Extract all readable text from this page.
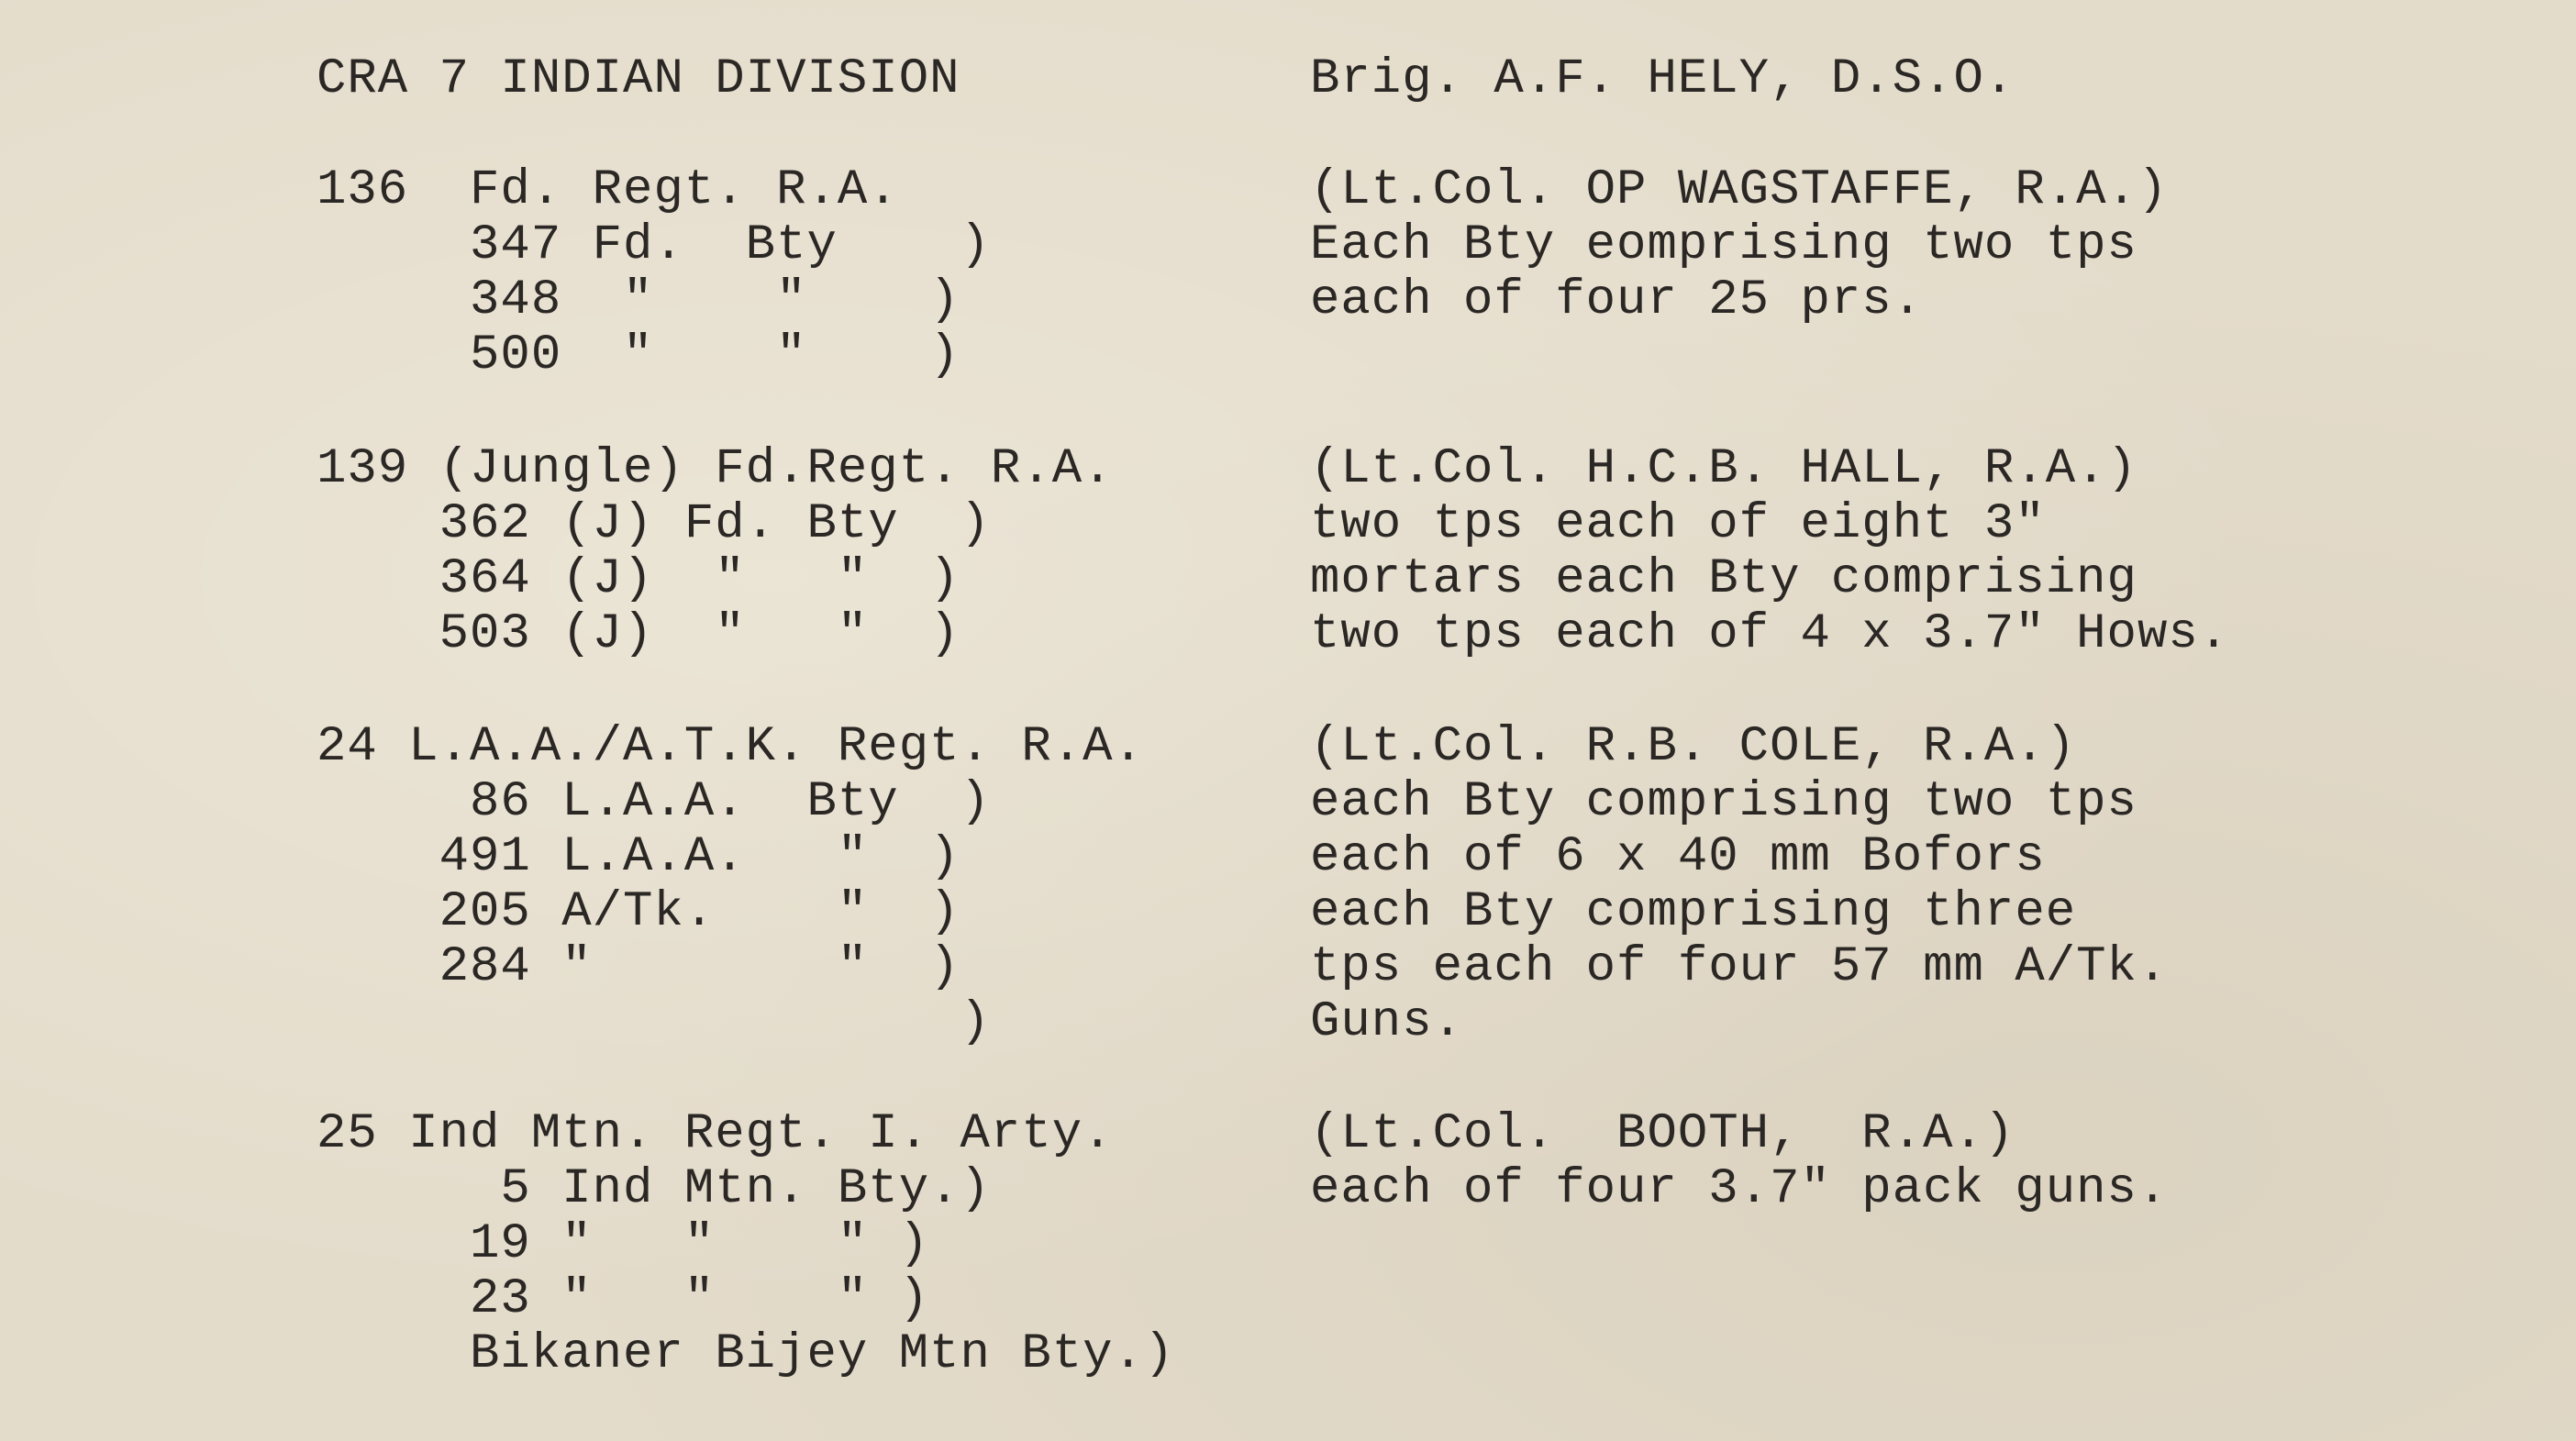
CRA 7 INDIAN DIVISION	Brig. A.F. HELY, D.S.O.

136  Fd. Regt. R.A.

347 Fd.  Bty    )

348  "    "    )

500  "    "    )

(Lt.Col. OP WAGSTAFFE, R.A.)

Each Bty eomprising two tps

each of four 25 prs.

139 (Jungle) Fd.Regt. R.A.

362 (J) Fd. Bty  )

364 (J)  "   "  )

503 (J)  "   "  )

(Lt.Col. H.C.B. HALL, R.A.)

two tps each of eight 3"

mortars each Bty comprising

two tps each of 4 x 3.7" Hows.

24 L.A.A./A.T.K. Regt. R.A.

86 L.A.A.  Bty  )

491 L.A.A.   "  )

205 A/Tk.    "  )

284 "        "  )

)

(Lt.Col. R.B. COLE, R.A.)

each Bty comprising two tps

each of 6 x 40 mm Bofors

each Bty comprising three

tps each of four 57 mm A/Tk.

Guns.

25 Ind Mtn. Regt. I. Arty.

5 Ind Mtn. Bty.)

19 "   "    " )

23 "   "    " )

Bikaner Bijey Mtn Bty.)

(Lt.Col.  BOOTH,  R.A.)

each of four 3.7" pack guns.
